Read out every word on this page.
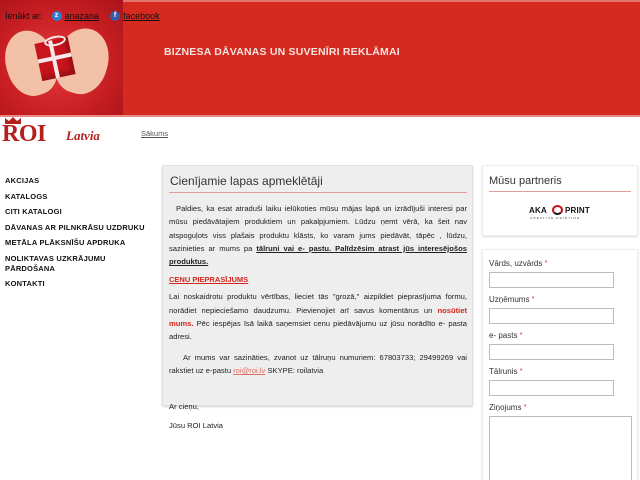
Ienākt ar:	z anazana	f facebook
BIZNESA DĀVANAS UN SUVENĪRI REKLĀMAI
ROI Latvia	Sākums
AKCIJAS
KATALOGS
CITI KATALOGI
DĀVANAS AR PILNKRĀSU UZDRUKU
METĀLA PLĀKSNĪŠU APDRUKA
NOLIKTAVAS UZKRĀJUMU PĀRDOŠANA
KONTAKTI
Cienījamie lapas apmeklētāji

Paldies, ka esat atraduši laiku ielūkoties mūsu mājas lapā un izrādījuši interesi par mūsu piedāvātajiem produktiem un pakalpjumiem. Lūdzu ņemt vērā, ka šeit nav atspoguļots viss plašais produktu klāsts, ko varam jums piedāvāt, tāpēc , lūdzu, sazinieties ar mums pa tālruni vai e- pastu. Palīdzēsim atrast jūs interesējošos produktus.

CENU PIEPRASĪJUMS

Lai noskaidrotu produktu vērtības, lieciet tās "grozā," aizpildiet pieprasījuma formu, norādiet nepieciešamo daudzumu. Pievienojiet arī savus komentārus un nosūtiet mums. Pēc iespējas īsā laikā saņemsiet cenu piedāvājumu uz jūsu norādīto e- pasta adresi.

Ar mums var sazināties, zvanot uz tālruņu numuriem: 67803733; 29499269 vai rakstiet uz e-pastu roi@roi.lv SKYPE: roilatvia

Ar cieņu,

Jūsu ROI Latvia

Mūsu partneris
AKA PRINT
CREATIVE PRINTING
Vārds, uzvārds *
Uzņēmums *
e- pasts *
Tālrunis *
Ziņojums *
